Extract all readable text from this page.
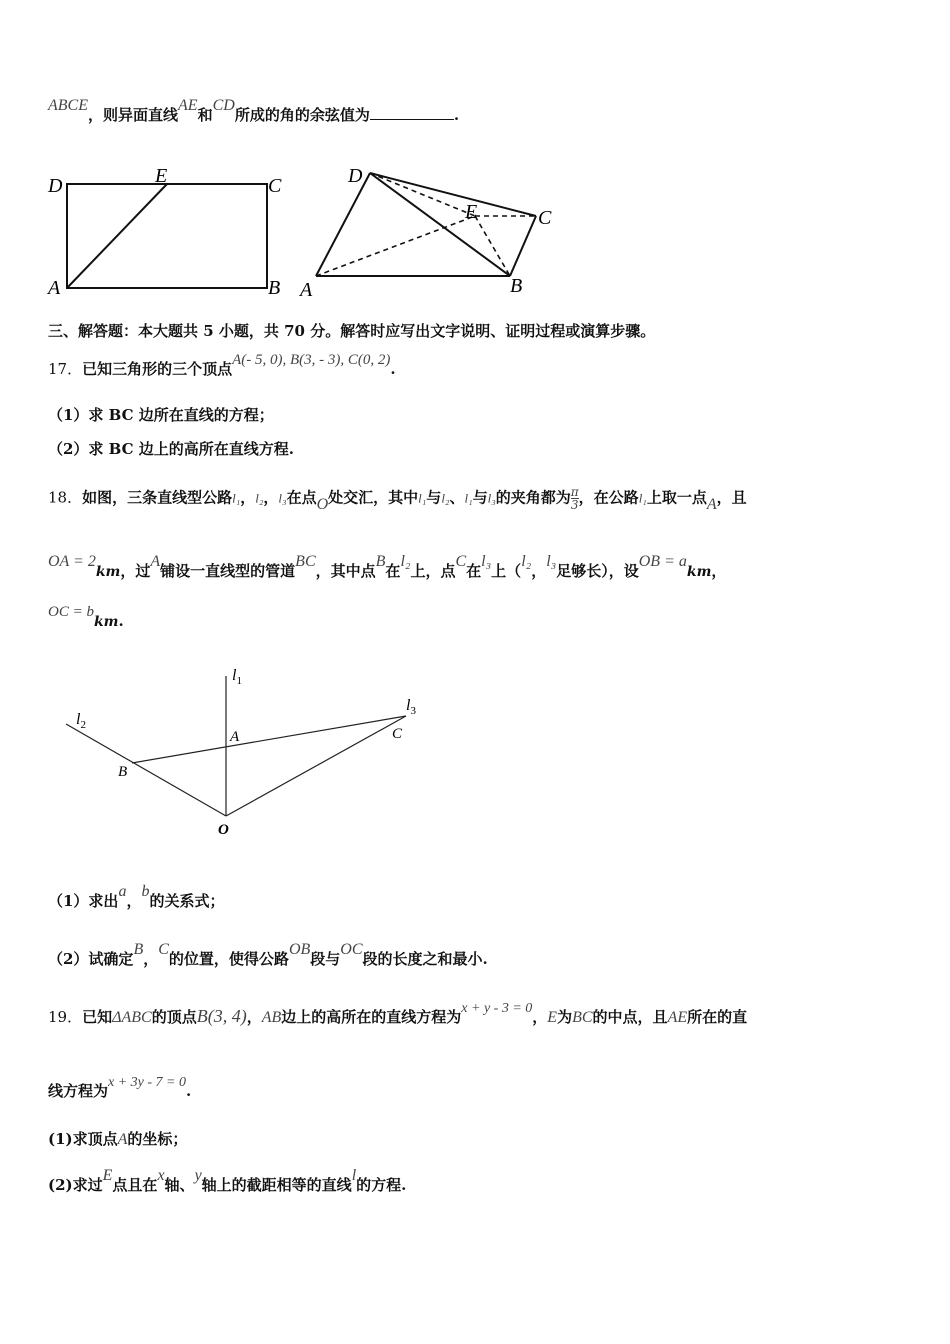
ABCE，则异面直线AE和CD所成的角的余弦值为	.
D	E	C
A	B
D
E	C
A	B
三、解答题：本大题共 5 小题，共 70 分。解答时应写出文字说明、证明过程或演算步骤。
17．已知三角形的三个顶点A(- 5, 0), B(3, - 3), C(0, 2).
（1）求 BC 边所在直线的方程；
（2）求 BC 边上的高所在直线方程.
18．如图，三条直线型公路l₁，l₂，l₃在点O处交汇，其中l₁与l₂、l₁与l₃的夹角都为 $\frac{\pi}{3}$ ，在公路l₁上取一点A，且
OA = 2km，过A铺设一直线型的管道BC，其中点B在l₂上，点C在l₃上（l₂，l₃足够长），设OB = akm，
OC = bkm.
$l_1$
$l_2$
$l_3$
A
B
C
O
（1）求出a，b的关系式；
（2）试确定B，C的位置，使得公路OB段与OC段的长度之和最小.
19．已知ΔABC的顶点B(3, 4)，AB边上的高所在的直线方程为x + y - 3 = 0，E为BC的中点，且AE所在的直
线方程为x + 3y - 7 = 0.
(1)求顶点A的坐标；
(2)求过E点且在x轴、y轴上的截距相等的直线l的方程.
